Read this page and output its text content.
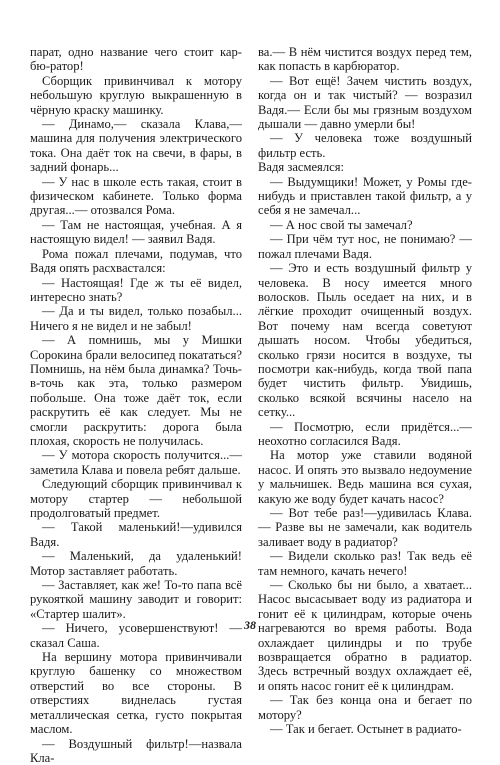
парат, одно название чего стоит кар-бю-ратор!

Сборщик привинчивал к мотору небольшую круглую выкрашенную в чёрную краску машинку.

— Динамо,— сказала Клава,— машина для получения электрического тока. Она даёт ток на свечи, в фары, в задний фонарь...

— У нас в школе есть такая, стоит в физическом кабинете. Только форма другая...— отозвался Рома.

— Там не настоящая, учебная. А я настоящую видел! — заявил Вадя.

Рома пожал плечами, подумав, что Вадя опять расхвастался:

— Настоящая! Где ж ты её видел, интересно знать?

— Да и ты видел, только позабыл... Ничего я не видел и не забыл!

— А помнишь, мы у Мишки Сорокина брали велосипед покататься? Помнишь, на нём была динамка? Точь-в-точь как эта, только размером побольше. Она тоже даёт ток, если раскрутить её как следует. Мы не смогли раскрутить: дорога была плохая, скорость не получилась.

— У мотора скорость получится...— заметила Клава и повела ребят дальше.

Следующий сборщик привинчивал к мотору стартер — небольшой продолговатый предмет.

— Такой маленький!—удивился Вадя.

— Маленький, да удаленький! Мотор заставляет работать.

— Заставляет, как же! То-то папа всё рукояткой машину заводит и говорит: «Стартер шалит».

— Ничего, усовершенствуют! — сказал Саша.

На вершину мотора привинчивали круглую башенку со множеством отверстий во все стороны. В отверстиях виднелась густая металлическая сетка, густо покрытая маслом.

— Воздушный фильтр!—назвала Кла-

ва.— В нём чистится воздух перед тем, как попасть в карбюратор.

— Вот ещё! Зачем чистить воздух, когда он и так чистый? — возразил Вадя.— Если бы мы грязным воздухом дышали — давно умерли бы!

— У человека тоже воздушный фильтр есть.

Вадя засмеялся:

— Выдумщики! Может, у Ромы где-нибудь и приставлен такой фильтр, а у себя я не замечал...

— А нос свой ты замечал?

— При чём тут нос, не понимаю? — пожал плечами Вадя.

— Это и есть воздушный фильтр у человека. В носу имеется много волосков. Пыль оседает на них, и в лёгкие проходит очищенный воздух. Вот почему нам всегда советуют дышать носом. Чтобы убедиться, сколько грязи носится в воздухе, ты посмотри как-нибудь, когда твой папа будет чистить фильтр. Увидишь, сколько всякой всячины насело на сетку...

— Посмотрю, если придётся...— неохотно согласился Вадя.

На мотор уже ставили водяной насос. И опять это вызвало недоумение у мальчишек. Ведь машина вся сухая, какую же воду будет качать насос?

— Вот тебе раз!—удивилась Клава.— Разве вы не замечали, как водитель заливает воду в радиатор?

— Видели сколько раз! Так ведь её там немного, качать нечего!

— Сколько бы ни было, а хватает... Насос высасывает воду из радиатора и гонит её к цилиндрам, которые очень нагреваются во время работы. Вода охлаждает цилиндры и по трубе возвращается обратно в радиатор. Здесь встречный воздух охлаждает её, и опять насос гонит её к цилиндрам.

— Так без конца она и бегает по мотору?

— Так и бегает. Остынет в радиато-

38
